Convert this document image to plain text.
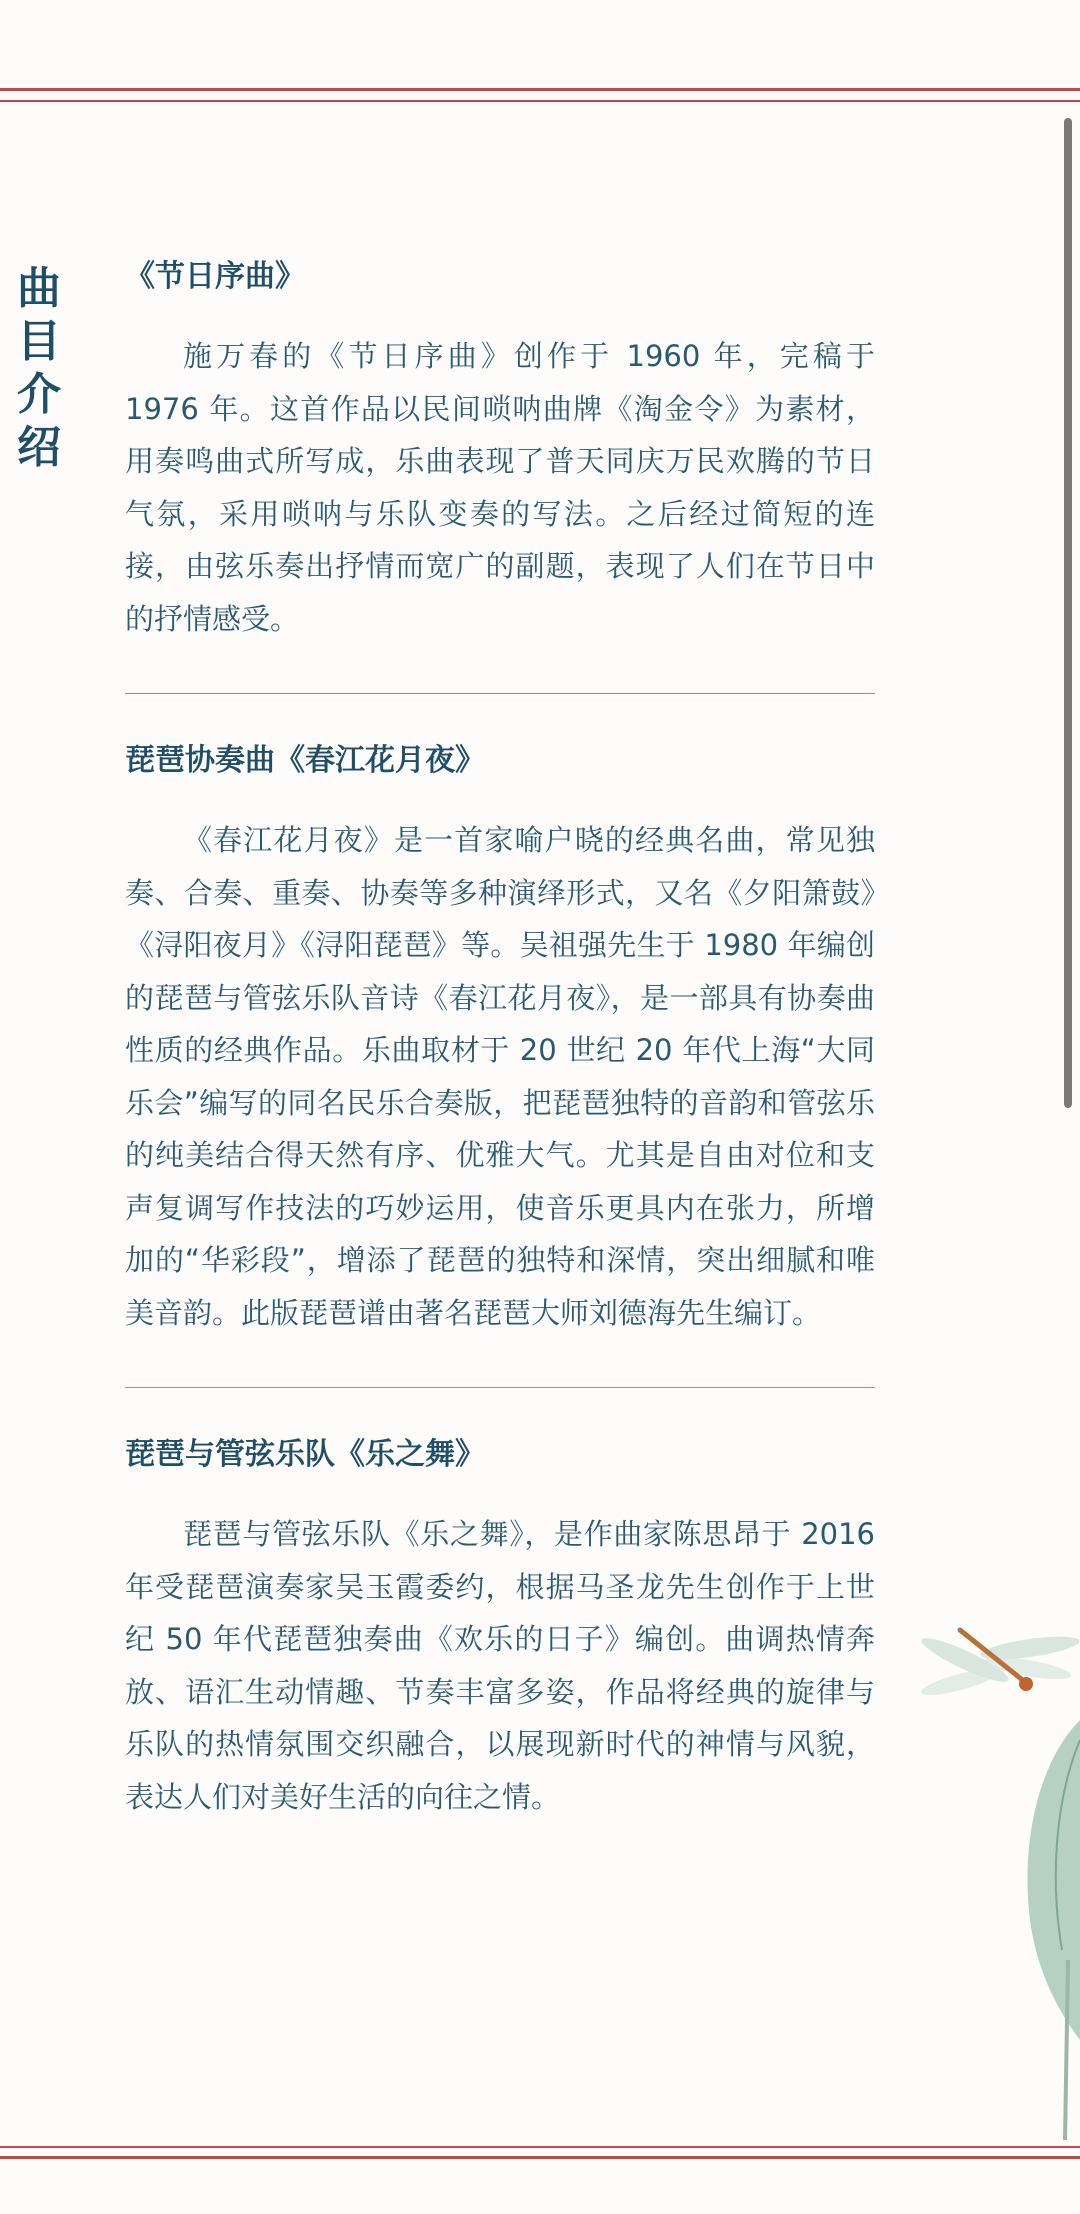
曲
目
介
绍
《节日序曲》

施万春的《节日序曲》创作于 1960 年，完稿于 1976 年。这首作品以民间唢呐曲牌《淘金令》为素材，用奏鸣曲式所写成，乐曲表现了普天同庆万民欢腾的节日气氛，采用唢呐与乐队变奏的写法。之后经过简短的连接，由弦乐奏出抒情而宽广的副题，表现了人们在节日中的抒情感受。

琵琶协奏曲《春江花月夜》

《春江花月夜》是一首家喻户晓的经典名曲，常见独奏、合奏、重奏、协奏等多种演绎形式，又名《夕阳箫鼓》《浔阳夜月》《浔阳琵琶》等。吴祖强先生于 1980 年编创的琵琶与管弦乐队音诗《春江花月夜》，是一部具有协奏曲性质的经典作品。乐曲取材于 20 世纪 20 年代上海“大同乐会”编写的同名民乐合奏版，把琵琶独特的音韵和管弦乐的纯美结合得天然有序、优雅大气。尤其是自由对位和支声复调写作技法的巧妙运用，使音乐更具内在张力，所增加的“华彩段”，增添了琵琶的独特和深情，突出细腻和唯美音韵。此版琵琶谱由著名琵琶大师刘德海先生编订。

琵琶与管弦乐队《乐之舞》

琵琶与管弦乐队《乐之舞》，是作曲家陈思昂于 2016 年受琵琶演奏家吴玉霞委约，根据马圣龙先生创作于上世纪 50 年代琵琶独奏曲《欢乐的日子》编创。曲调热情奔放、语汇生动情趣、节奏丰富多姿，作品将经典的旋律与乐队的热情氛围交织融合，以展现新时代的神情与风貌，表达人们对美好生活的向往之情。
